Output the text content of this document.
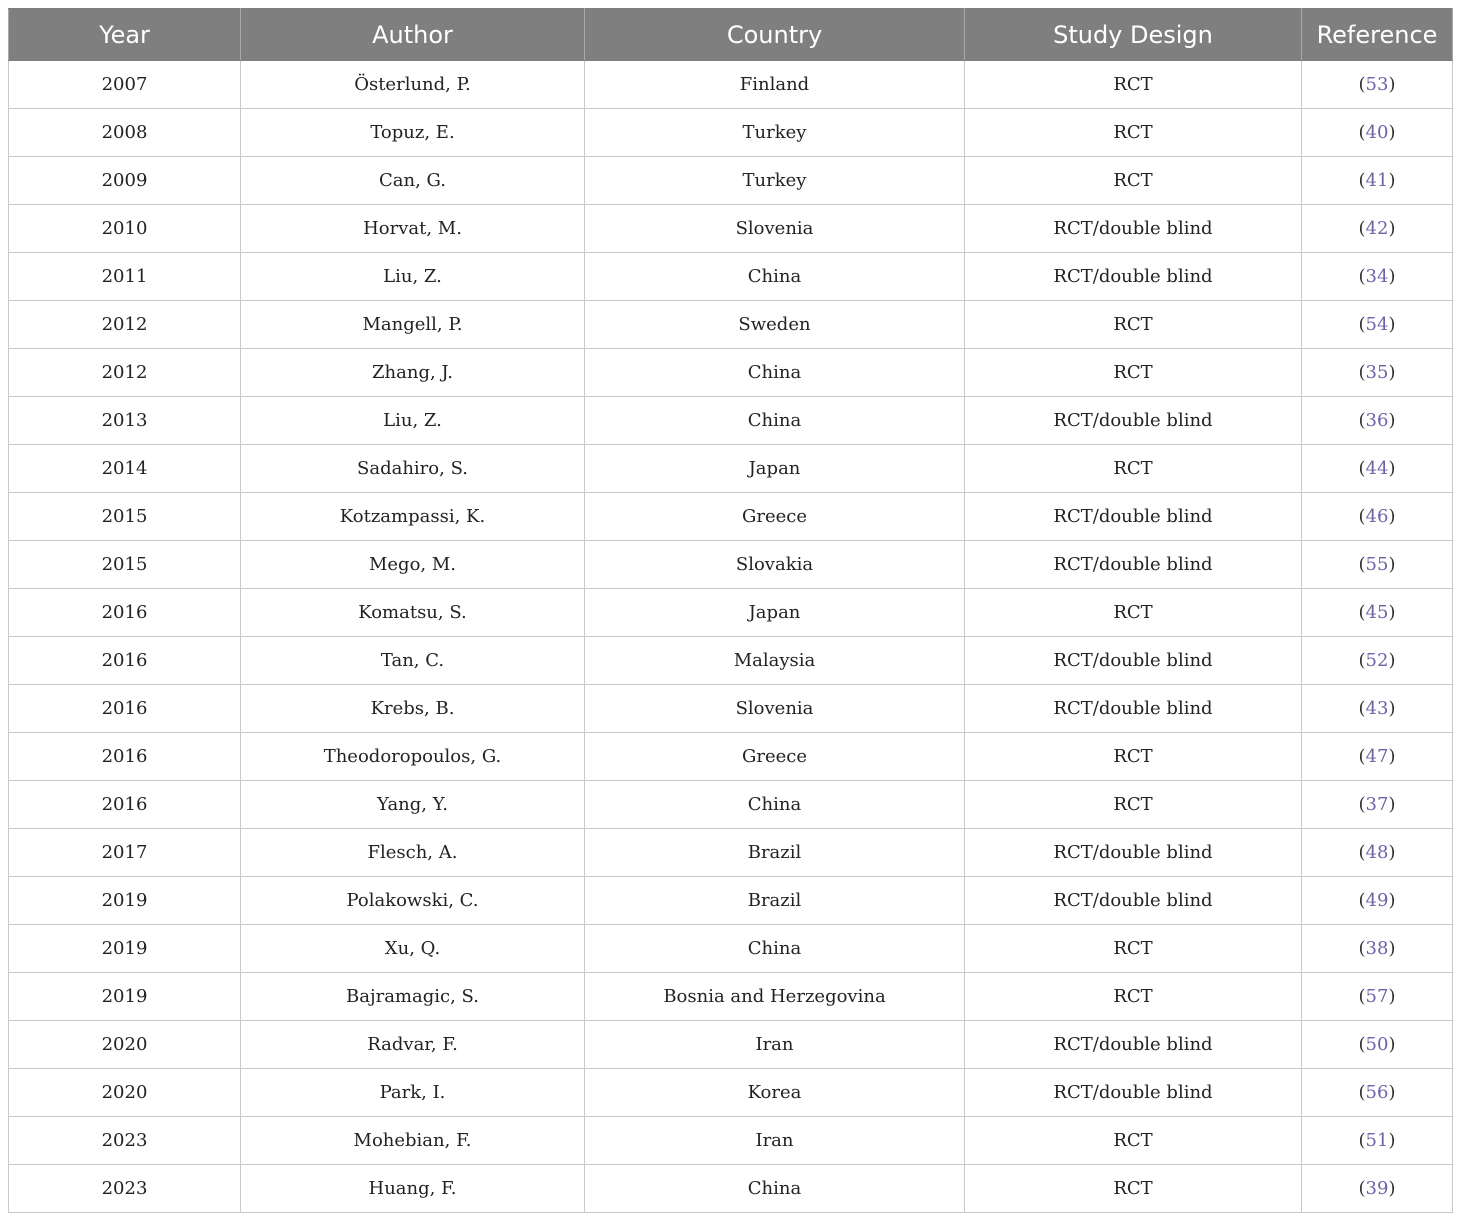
Year	Author	Country	Study Design	Reference
2007	Österlund, P.	Finland	RCT	(53)
2008	Topuz, E.	Turkey	RCT	(40)
2009	Can, G.	Turkey	RCT	(41)
2010	Horvat, M.	Slovenia	RCT/double blind	(42)
2011	Liu, Z.	China	RCT/double blind	(34)
2012	Mangell, P.	Sweden	RCT	(54)
2012	Zhang, J.	China	RCT	(35)
2013	Liu, Z.	China	RCT/double blind	(36)
2014	Sadahiro, S.	Japan	RCT	(44)
2015	Kotzampassi, K.	Greece	RCT/double blind	(46)
2015	Mego, M.	Slovakia	RCT/double blind	(55)
2016	Komatsu, S.	Japan	RCT	(45)
2016	Tan, C.	Malaysia	RCT/double blind	(52)
2016	Krebs, B.	Slovenia	RCT/double blind	(43)
2016	Theodoropoulos, G.	Greece	RCT	(47)
2016	Yang, Y.	China	RCT	(37)
2017	Flesch, A.	Brazil	RCT/double blind	(48)
2019	Polakowski, C.	Brazil	RCT/double blind	(49)
2019	Xu, Q.	China	RCT	(38)
2019	Bajramagic, S.	Bosnia and Herzegovina	RCT	(57)
2020	Radvar, F.	Iran	RCT/double blind	(50)
2020	Park, I.	Korea	RCT/double blind	(56)
2023	Mohebian, F.	Iran	RCT	(51)
2023	Huang, F.	China	RCT	(39)
